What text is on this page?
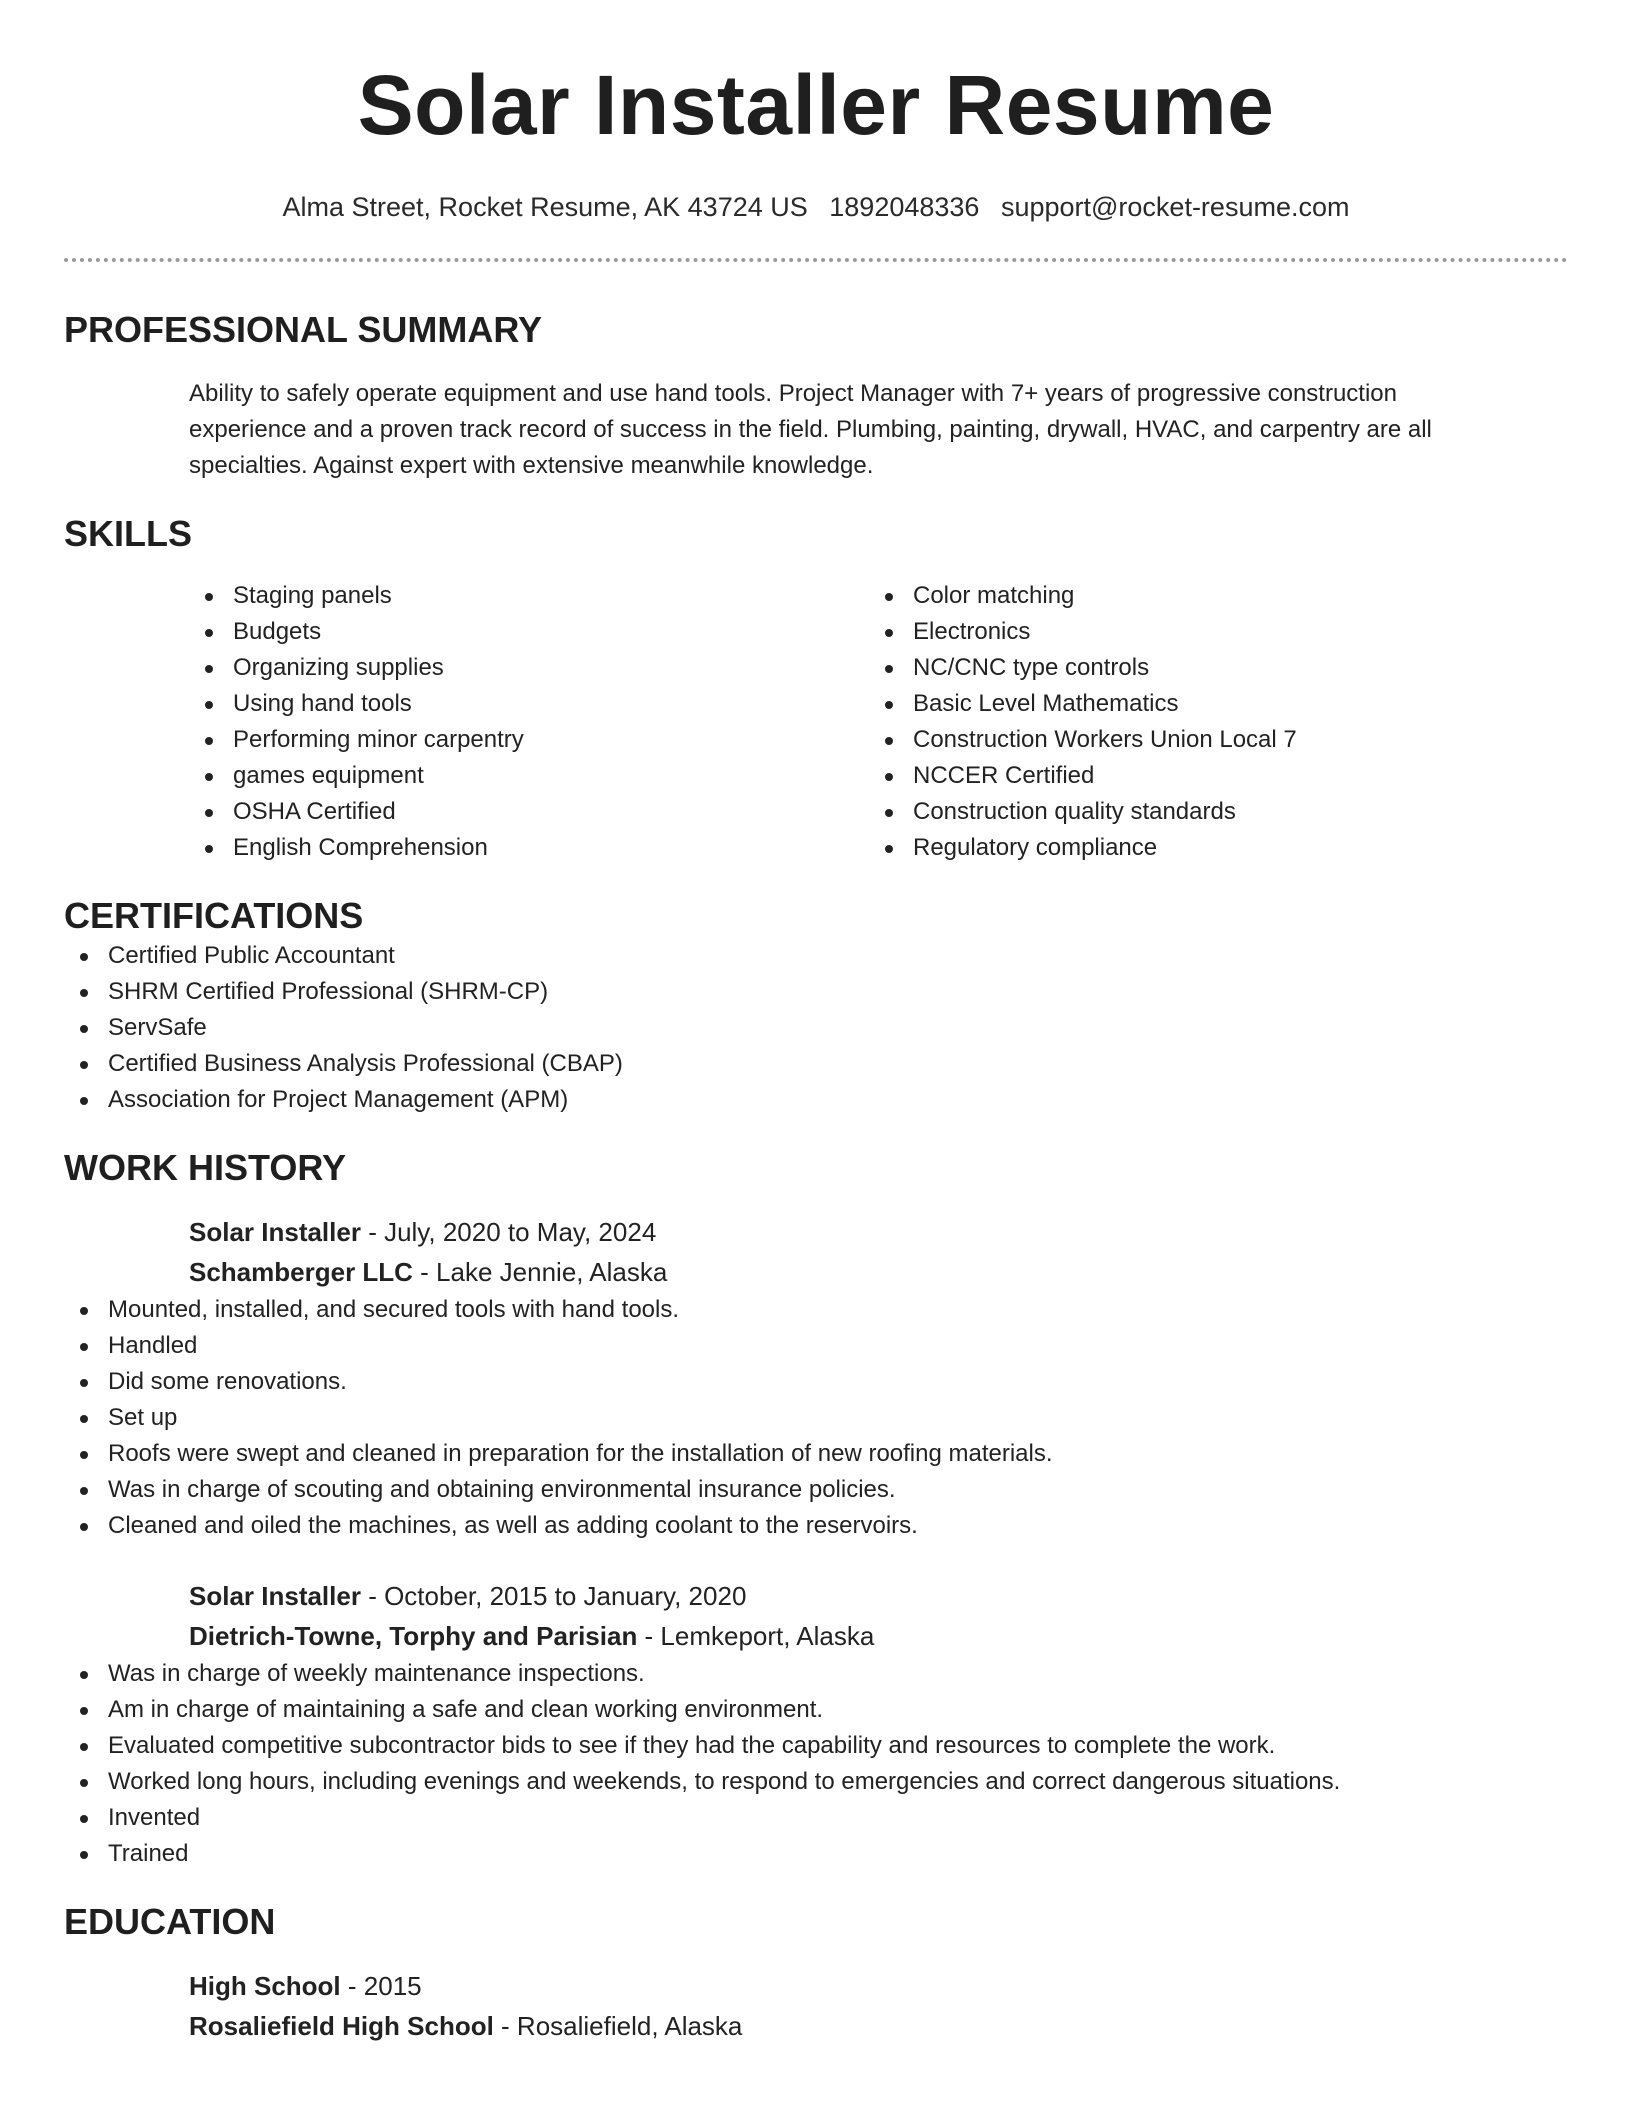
Solar Installer Resume
Alma Street, Rocket Resume, AK 43724 US 1892048336 support@rocket-resume.com
PROFESSIONAL SUMMARY

Ability to safely operate equipment and use hand tools. Project Manager with 7+ years of progressive construction experience and a proven track record of success in the field. Plumbing, painting, drywall, HVAC, and carpentry are all specialties. Against expert with extensive meanwhile knowledge.

SKILLS
Staging panels
Budgets
Organizing supplies
Using hand tools
Performing minor carpentry
games equipment
OSHA Certified
English Comprehension
Color matching
Electronics
NC/CNC type controls
Basic Level Mathematics
Construction Workers Union Local 7
NCCER Certified
Construction quality standards
Regulatory compliance
CERTIFICATIONS
Certified Public Accountant
SHRM Certified Professional (SHRM-CP)
ServSafe
Certified Business Analysis Professional (CBAP)
Association for Project Management (APM)
WORK HISTORY
Solar Installer - July, 2020 to May, 2024
Schamberger LLC - Lake Jennie, Alaska
Mounted, installed, and secured tools with hand tools.
Handled
Did some renovations.
Set up
Roofs were swept and cleaned in preparation for the installation of new roofing materials.
Was in charge of scouting and obtaining environmental insurance policies.
Cleaned and oiled the machines, as well as adding coolant to the reservoirs.
Solar Installer - October, 2015 to January, 2020
Dietrich-Towne, Torphy and Parisian - Lemkeport, Alaska
Was in charge of weekly maintenance inspections.
Am in charge of maintaining a safe and clean working environment.
Evaluated competitive subcontractor bids to see if they had the capability and resources to complete the work.
Worked long hours, including evenings and weekends, to respond to emergencies and correct dangerous situations.
Invented
Trained
EDUCATION
High School - 2015
Rosaliefield High School - Rosaliefield, Alaska
